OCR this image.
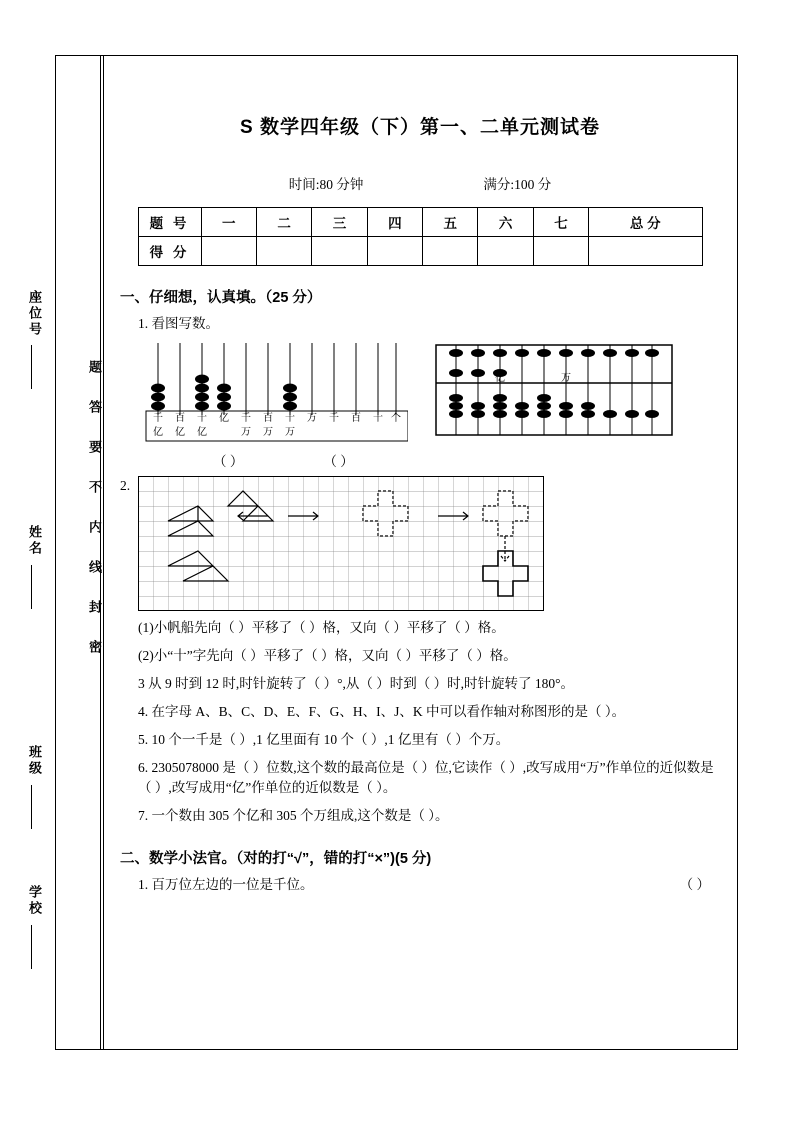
题 答 要 不 内 线 封 密
座位号
姓名
班级
学校
S 数学四年级（下）第一、二单元测试卷
时间:80 分钟	满分:100 分
题 号	一	二	三	四	五	六	七	总 分
得 分								
一、仔细想，认真填。（25 分）
1. 看图写数。
千 百 十 亿 千 百 十 万 千 百 十 个
亿 亿 亿	万 万 万
亿	万
（ ）	（ ）
2.
(1)小帆船先向（ ）平移了（ ）格，又向（ ）平移了（ ）格。
(2)小“十”字先向（ ）平移了（ ）格，又向（ ）平移了（ ）格。
3 从 9 时到 12 时,时针旋转了（ ）°,从（ ）时到（ ）时,时针旋转了 180°。
4. 在字母 A、B、C、D、E、F、G、H、I、J、K 中可以看作轴对称图形的是（ ）。
5. 10 个一千是（ ）,1 亿里面有 10 个（ ）,1 亿里有（ ）个万。
6. 2305078000 是（ ）位数,这个数的最高位是（ ）位,它读作（ ）,改写成用“万”作单位的近似数是（ ）,改写成用“亿”作单位的近似数是（ ）。
7. 一个数由 305 个亿和 305 个万组成,这个数是（ ）。
二、数学小法官。（对的打“√”，错的打“×”)(5 分)
1. 百万位左边的一位是千位。	（ ）
